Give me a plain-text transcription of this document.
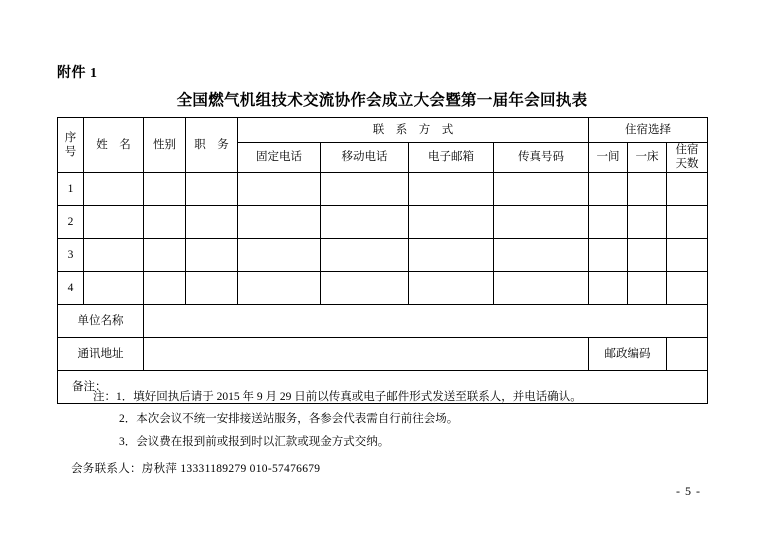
附件 1
全国燃气机组技术交流协作会成立大会暨第一届年会回执表
序
号	姓　名	性别	职　务	联　系　方　式				住宿选择		
				固定电话	移动电话	电子邮箱	传真号码	一间	一床	住宿
天数
1										
2										
3										
4										
单位名称										
通讯地址								邮政编码		
备注：										
注：1．填好回执后请于 2015 年 9 月 29 日前以传真或电子邮件形式发送至联系人，并电话确认。
2．本次会议不统一安排接送站服务，各参会代表需自行前往会场。
3．会议费在报到前或报到时以汇款或现金方式交纳。
会务联系人：房秋萍 13331189279 010-57476679
- 5 -
